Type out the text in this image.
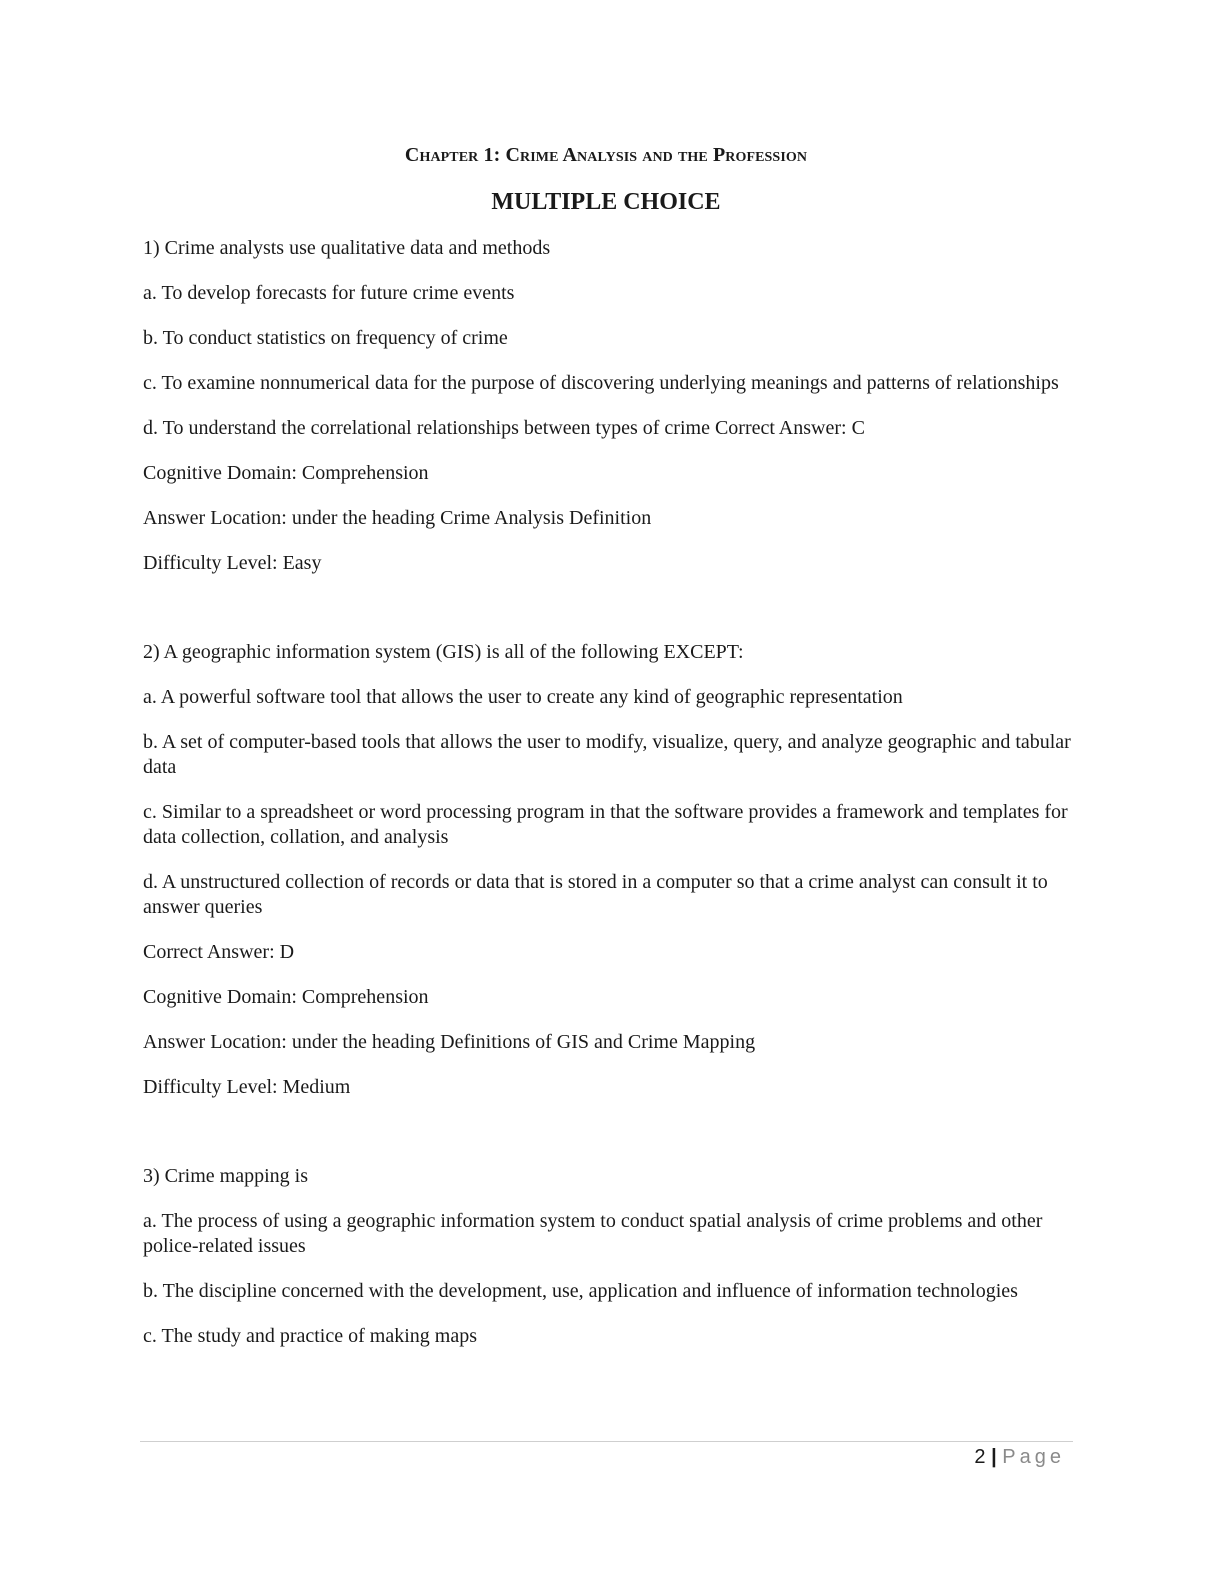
Chapter 1: Crime Analysis and the Profession
MULTIPLE CHOICE

1) Crime analysts use qualitative data and methods

a. To develop forecasts for future crime events

b. To conduct statistics on frequency of crime

c. To examine nonnumerical data for the purpose of discovering underlying meanings and patterns of relationships

d. To understand the correlational relationships between types of crime Correct Answer: C

Cognitive Domain: Comprehension

Answer Location: under the heading Crime Analysis Definition

Difficulty Level: Easy

2) A geographic information system (GIS) is all of the following EXCEPT:

a. A powerful software tool that allows the user to create any kind of geographic representation

b. A set of computer-based tools that allows the user to modify, visualize, query, and analyze geographic and tabular data

c. Similar to a spreadsheet or word processing program in that the software provides a framework and templates for data collection, collation, and analysis

d. A unstructured collection of records or data that is stored in a computer so that a crime analyst can consult it to answer queries

Correct Answer: D

Cognitive Domain: Comprehension

Answer Location: under the heading Definitions of GIS and Crime Mapping

Difficulty Level: Medium

3) Crime mapping is

a. The process of using a geographic information system to conduct spatial analysis of crime problems and other police-related issues

b. The discipline concerned with the development, use, application and influence of information technologies

c. The study and practice of making maps

2 | Page
